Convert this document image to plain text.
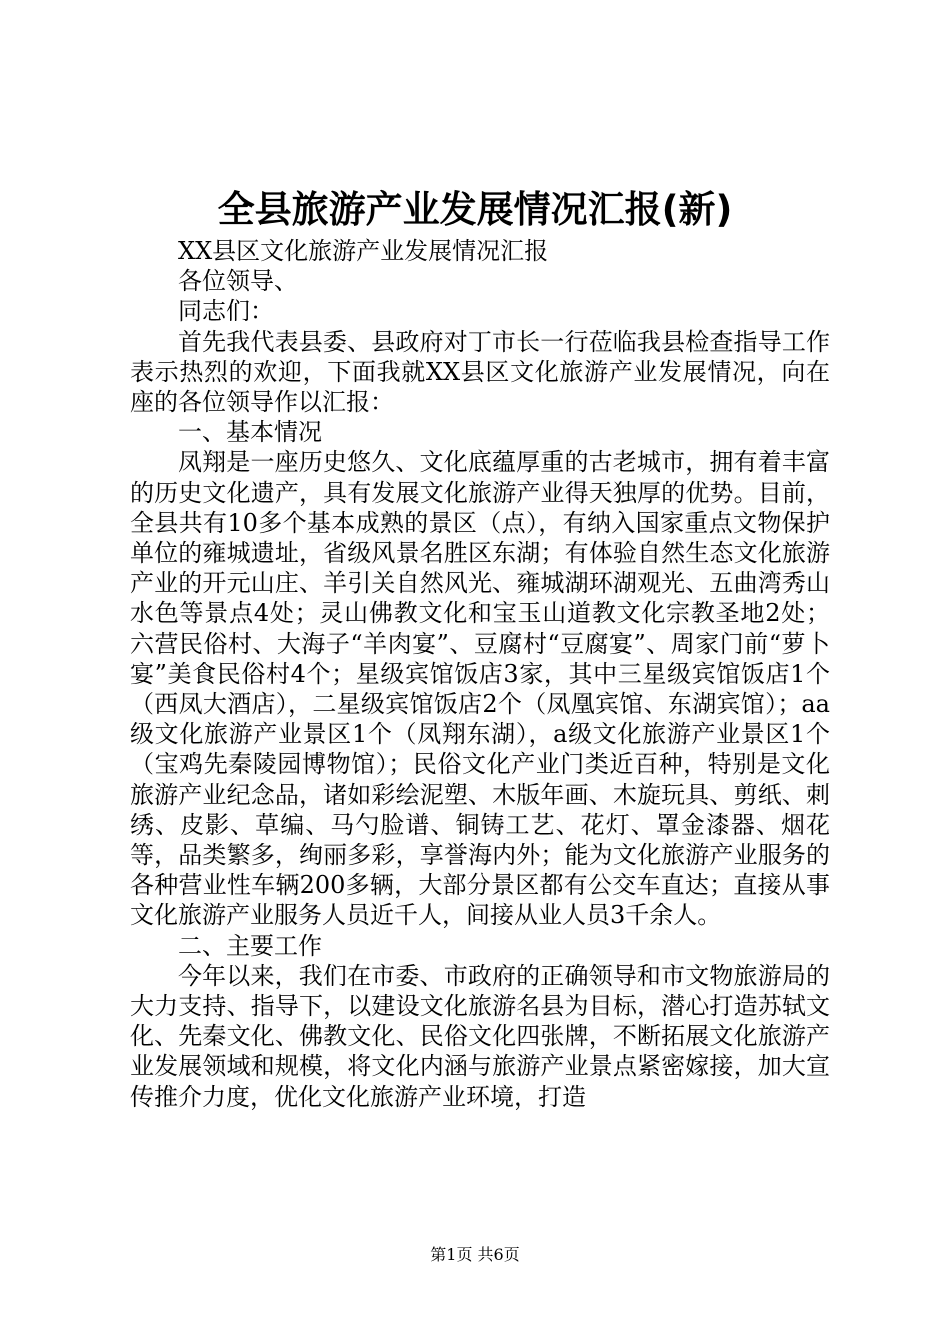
全县旅游产业发展情况汇报(新)

XX县区文化旅游产业发展情况汇报

各位领导、

同志们：

首先我代表县委、县政府对丁市长一行莅临我县检查指导工作表示热烈的欢迎，下面我就XX县区文化旅游产业发展情况，向在座的各位领导作以汇报：

一、基本情况

凤翔是一座历史悠久、文化底蕴厚重的古老城市，拥有着丰富的历史文化遗产，具有发展文化旅游产业得天独厚的优势。目前，全县共有10多个基本成熟的景区（点），有纳入国家重点文物保护单位的雍城遗址，省级风景名胜区东湖；有体验自然生态文化旅游产业的开元山庄、羊引关自然风光、雍城湖环湖观光、五曲湾秀山水色等景点4处；灵山佛教文化和宝玉山道教文化宗教圣地2处；六营民俗村、大海子“羊肉宴”、豆腐村“豆腐宴”、周家门前“萝卜宴”美食民俗村4个；星级宾馆饭店3家，其中三星级宾馆饭店1个（西凤大酒店），二星级宾馆饭店2个（凤凰宾馆、东湖宾馆）；aa级文化旅游产业景区1个（凤翔东湖），a级文化旅游产业景区1个（宝鸡先秦陵园博物馆）；民俗文化产业门类近百种，特别是文化旅游产业纪念品，诸如彩绘泥塑、木版年画、木旋玩具、剪纸、刺绣、皮影、草编、马勺脸谱、铜铸工艺、花灯、罩金漆器、烟花等，品类繁多，绚丽多彩，享誉海内外；能为文化旅游产业服务的各种营业性车辆200多辆，大部分景区都有公交车直达；直接从事文化旅游产业服务人员近千人，间接从业人员3千余人。

二、主要工作

今年以来，我们在市委、市政府的正确领导和市文物旅游局的大力支持、指导下，以建设文化旅游名县为目标，潜心打造苏轼文化、先秦文化、佛教文化、民俗文化四张牌，不断拓展文化旅游产业发展领域和规模，将文化内涵与旅游产业景点紧密嫁接，加大宣传推介力度，优化文化旅游产业环境，打造

第1页 共6页
